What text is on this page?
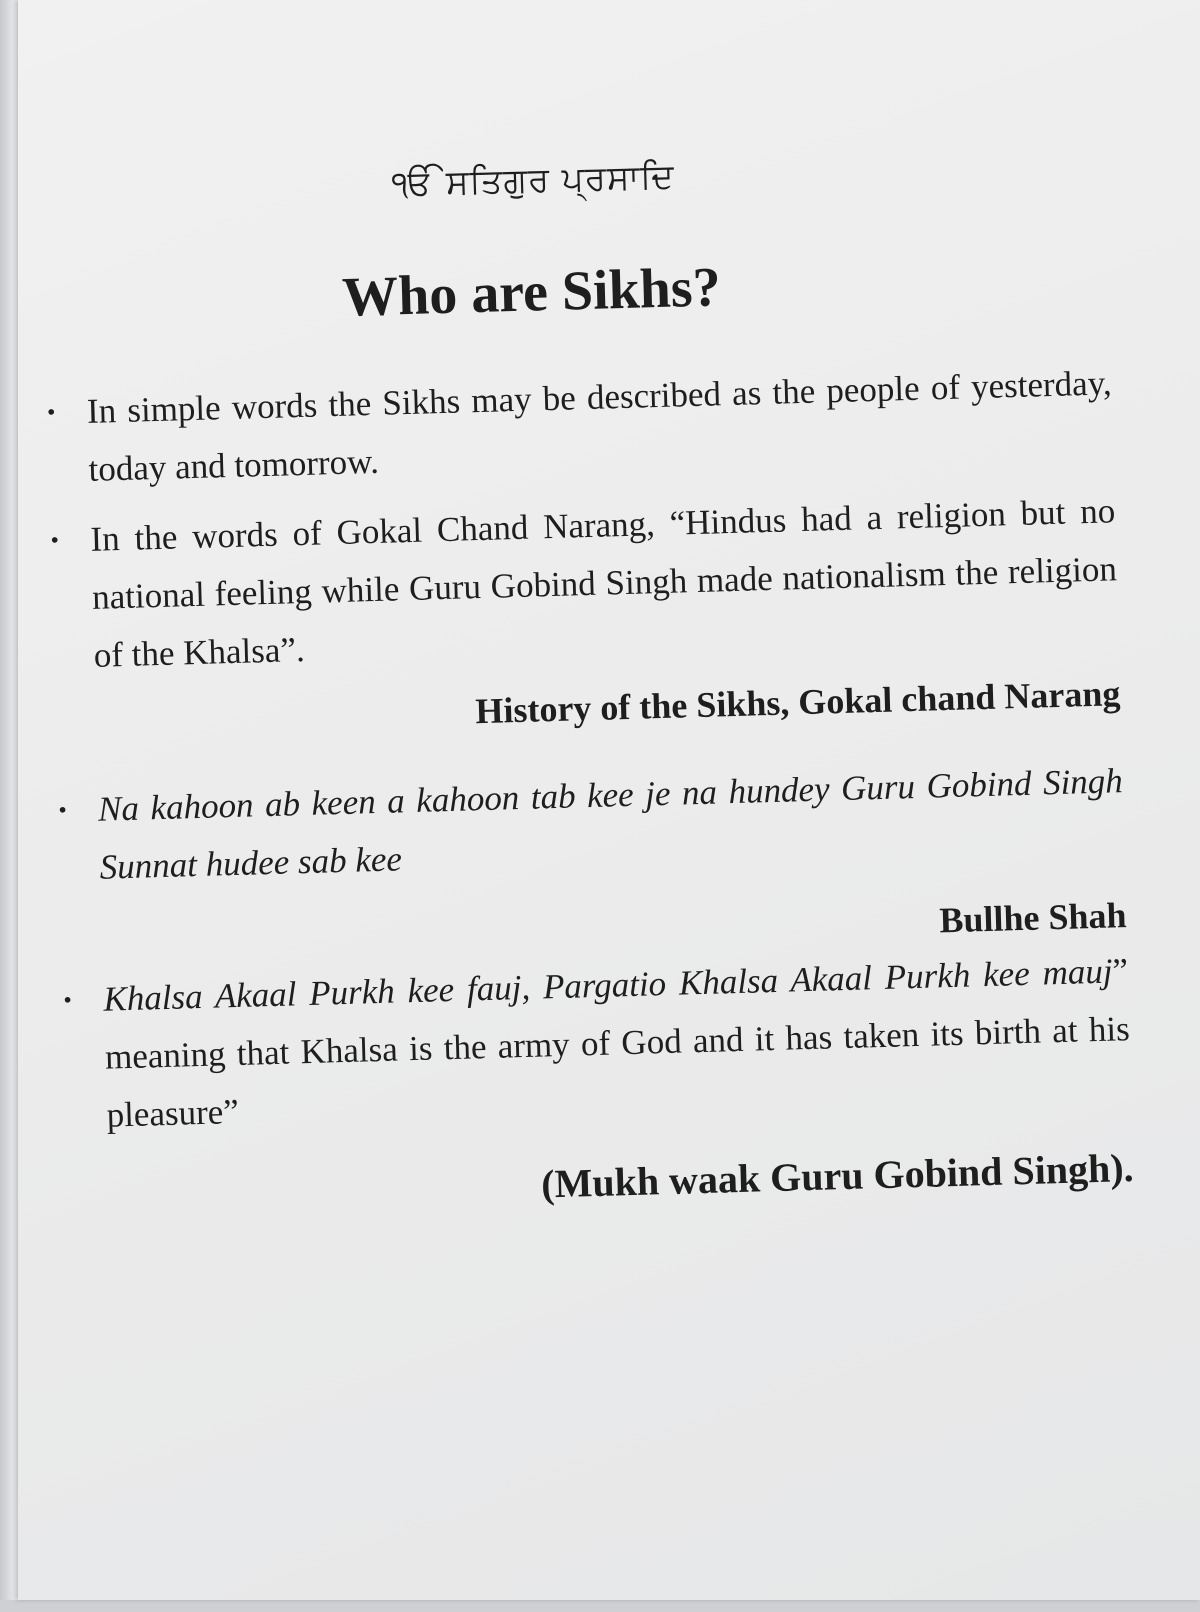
ੴ ਸਤਿਗੁਰ ਪ੍ਰਸਾਦਿ
Who are Sikhs?
• In simple words the Sikhs may be described as the people of yesterday, today and tomorrow.
• In the words of Gokal Chand Narang, “Hindus had a religion but no national feeling while Guru Gobind Singh made nationalism the religion of the Khalsa”.
History of the Sikhs, Gokal chand Narang
• Na kahoon ab keen a kahoon tab kee je na hundey Guru Gobind Singh Sunnat hudee sab kee
Bullhe Shah
• Khalsa Akaal Purkh kee fauj, Pargatio Khalsa Akaal Purkh kee mauj” meaning that Khalsa is the army of God and it has taken its birth at his pleasure”
(Mukh waak Guru Gobind Singh).
